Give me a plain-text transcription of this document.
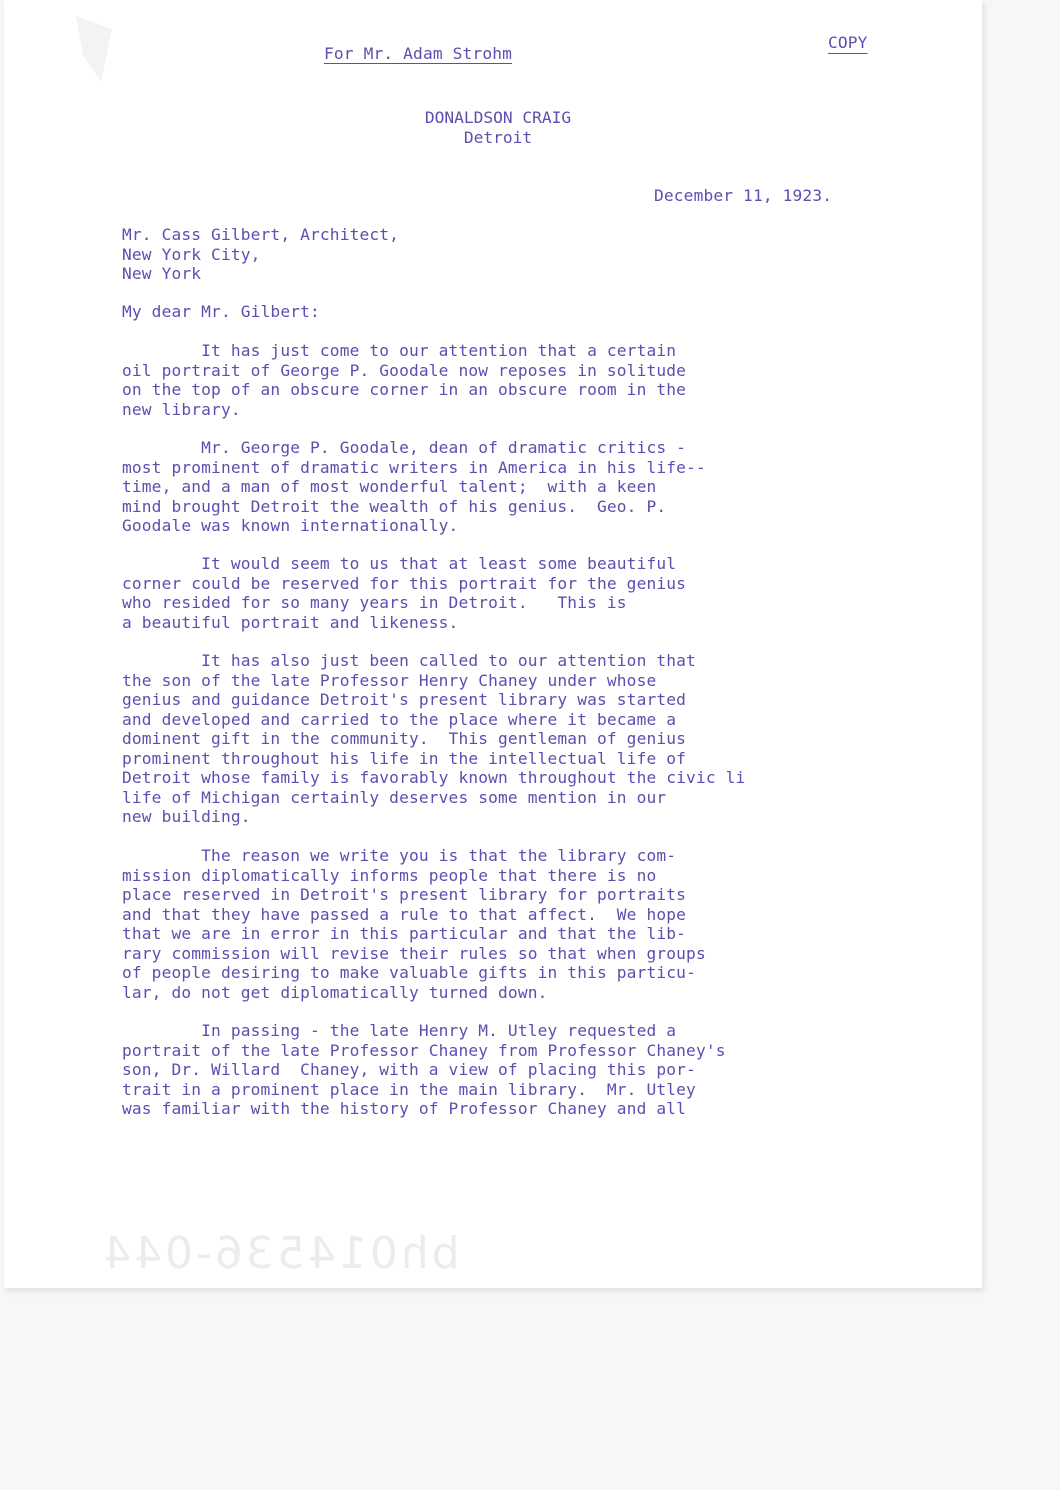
For Mr. Adam Strohm
COPY
DONALDSON CRAIG
Detroit
December 11, 1923.
Mr. Cass Gilbert, Architect,
New York City,
New York
My dear Mr. Gilbert:

It has just come to our attention that a certain
oil portrait of George P. Goodale now reposes in solitude
on the top of an obscure corner in an obscure room in the
new library.

Mr. George P. Goodale, dean of dramatic critics -
most prominent of dramatic writers in America in his life--
time, and a man of most wonderful talent;  with a keen
mind brought Detroit the wealth of his genius.  Geo. P.
Goodale was known internationally.

It would seem to us that at least some beautiful
corner could be reserved for this portrait for the genius
who resided for so many years in Detroit.   This is
a beautiful portrait and likeness.

It has also just been called to our attention that
the son of the late Professor Henry Chaney under whose
genius and guidance Detroit's present library was started
and developed and carried to the place where it became a
dominent gift in the community.  This gentleman of genius
prominent throughout his life in the intellectual life of
Detroit whose family is favorably known throughout the civic li
life of Michigan certainly deserves some mention in our
new building.

The reason we write you is that the library com-
mission diplomatically informs people that there is no
place reserved in Detroit's present library for portraits
and that they have passed a rule to that affect.  We hope
that we are in error in this particular and that the lib-
rary commission will revise their rules so that when groups
of people desiring to make valuable gifts in this particu-
lar, do not get diplomatically turned down.

In passing - the late Henry M. Utley requested a
portrait of the late Professor Chaney from Professor Chaney's
son, Dr. Willard  Chaney, with a view of placing this por-
trait in a prominent place in the main library.  Mr. Utley
was familiar with the history of Professor Chaney and all

bh014536-044
